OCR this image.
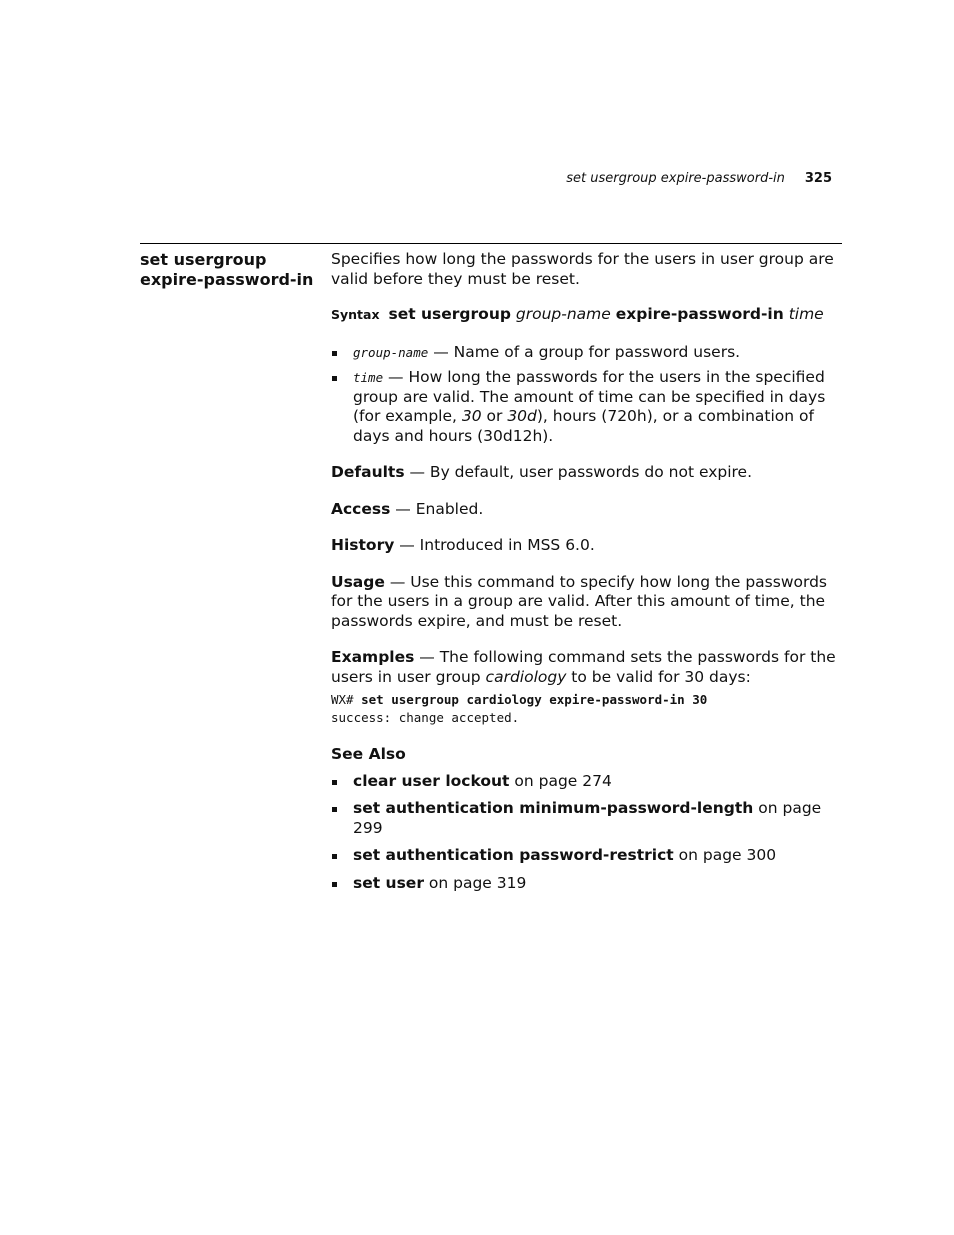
set usergroup expire-password-in 325
set usergroup
expire-password-in

Specifies how long the passwords for the users in user group are valid before they must be reset.

Syntax set usergroup group-name expire-password-in time

group-name — Name of a group for password users.
time — How long the passwords for the users in the specified group are valid. The amount of time can be specified in days (for example, 30 or 30d), hours (720h), or a combination of days and hours (30d12h).

Defaults — By default, user passwords do not expire.

Access — Enabled.

History — Introduced in MSS 6.0.

Usage — Use this command to specify how long the passwords for the users in a group are valid. After this amount of time, the passwords expire, and must be reset.

Examples — The following command sets the passwords for the users in user group cardiology to be valid for 30 days:

WX# set usergroup cardiology expire-password-in 30
success: change accepted.

See Also

clear user lockout on page 274
set authentication minimum-password-length on page 299
set authentication password-restrict on page 300
set user on page 319
